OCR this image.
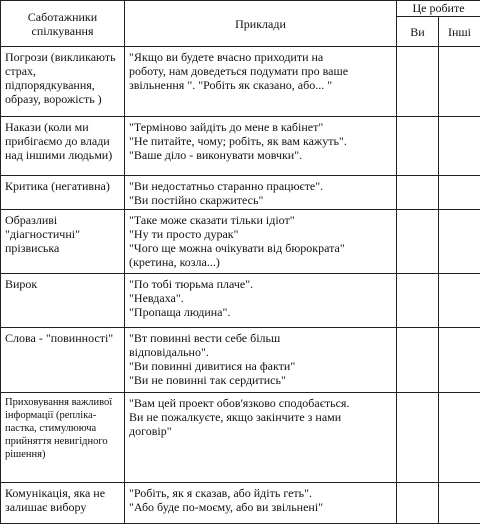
Саботажники спілкування	Приклади	Це робите	
		Ви	Інші
Погрози (викликають страх, підпорядкування, образу, ворожість )	"Якщо ви будете вчасно приходити на
роботу, нам доведеться подумати про ваше
звільнення ". "Робіть як сказано, або... "		

Накази (коли ми прибігаємо до влади над іншими людьми)	"Терміново зайдіть до мене в кабінет"
"Не питайте, чому; робіть, як вам кажуть".
"Ваше діло - виконувати мовчки".		

Критика (негативна)	"Ви недостатньо старанно працюєте".
"Ви постійно скаржитесь"		

Образливі "діагностичні" прізвиська	"Таке може сказати тільки ідіот"
"Ну ти просто дурак"
"Чого ще можна очікувати від бюрократа"
(кретина, козла...)		

Вирок	"По тобі тюрьма плаче".
"Невдаха".
"Пропаща людина".		

Слова - "повинності"	"Вт повинні вести себе більш
відповідально".
"Ви повинні дивитися на факти"
"Ви не повинні так сердитись"		

Приховування важливої інформації (репліка-пастка, стимулююча прийняття невигідного рішення)	"Вам цей проект обов'язково сподобається.
Ви не пожалкуєте, якщо закінчите з нами
договір"		

Комунікація, яка не залишає вибору	"Робіть, як я сказав, або йдіть геть".
"Або буде по-моєму, або ви звільнені"		
